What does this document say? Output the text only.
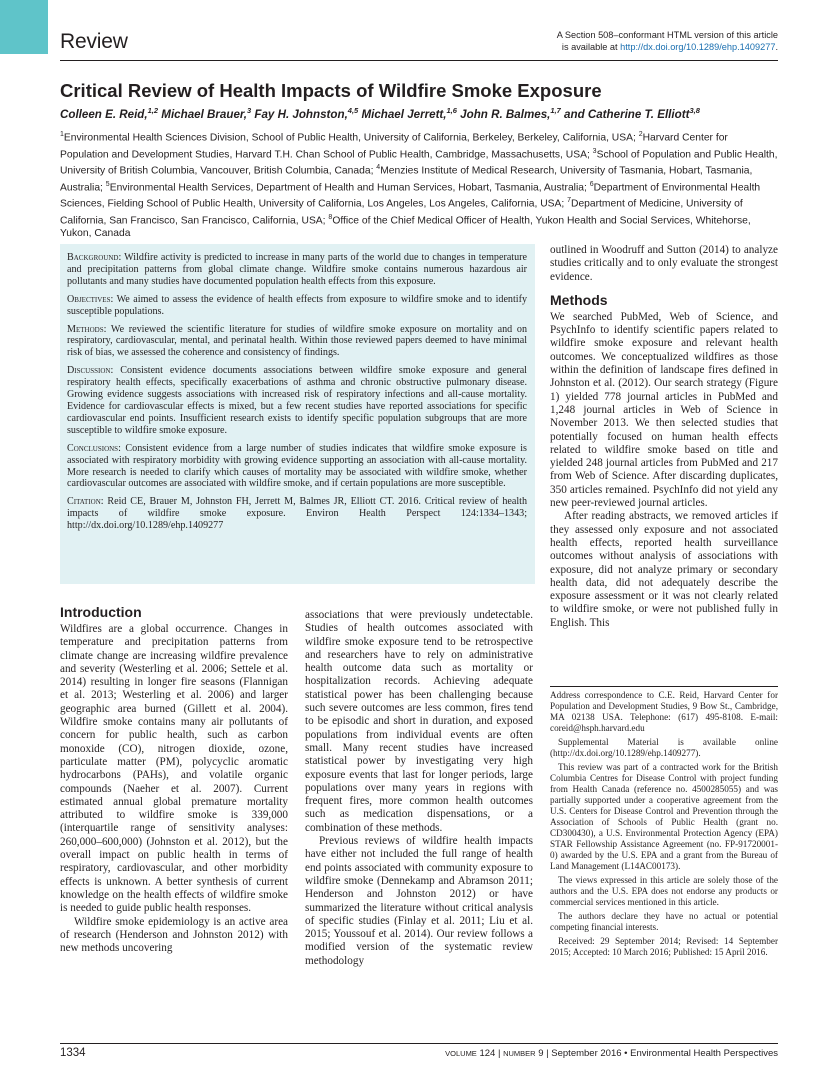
Review	A Section 508–conformant HTML version of this article
is available at http://dx.doi.org/10.1289/ehp.1409277.
Critical Review of Health Impacts of Wildfire Smoke Exposure
Colleen E. Reid,$^{1,2}$ Michael Brauer,$^3$ Fay H. Johnston,$^{4,5}$ Michael Jerrett,$^{1,6}$ John R. Balmes,$^{1,7}$ and Catherine T. Elliott$^{3,8}$
$^1$Environmental Health Sciences Division, School of Public Health, University of California, Berkeley, Berkeley, California, USA; $^2$Harvard Center for Population and Development Studies, Harvard T.H. Chan School of Public Health, Cambridge, Massachusetts, USA; $^3$School of Population and Public Health, University of British Columbia, Vancouver, British Columbia, Canada; $^4$Menzies Institute of Medical Research, University of Tasmania, Hobart, Tasmania, Australia; $^5$Environmental Health Services, Department of Health and Human Services, Hobart, Tasmania, Australia; $^6$Department of Environmental Health Sciences, Fielding School of Public Health, University of California, Los Angeles, Los Angeles, California, USA; $^7$Department of Medicine, University of California, San Francisco, San Francisco, California, USA; $^8$Office of the Chief Medical Officer of Health, Yukon Health and Social Services, Whitehorse, Yukon, Canada

Background: Wildfire activity is predicted to increase in many parts of the world due to changes in temperature and precipitation patterns from global climate change. Wildfire smoke contains numerous hazardous air pollutants and many studies have documented population health effects from this exposure.

Objectives: We aimed to assess the evidence of health effects from exposure to wildfire smoke and to identify susceptible populations.

Methods: We reviewed the scientific literature for studies of wildfire smoke exposure on mortality and on respiratory, cardiovascular, mental, and perinatal health. Within those reviewed papers deemed to have minimal risk of bias, we assessed the coherence and consistency of findings.

Discussion: Consistent evidence documents associations between wildfire smoke exposure and general respiratory health effects, specifically exacerbations of asthma and chronic obstructive pulmonary disease. Growing evidence suggests associations with increased risk of respiratory infections and all-cause mortality. Evidence for cardiovascular effects is mixed, but a few recent studies have reported associations for specific cardiovascular end points. Insufficient research exists to identify specific population subgroups that are more susceptible to wildfire smoke exposure.

Conclusions: Consistent evidence from a large number of studies indicates that wildfire smoke exposure is associated with respiratory morbidity with growing evidence supporting an association with all-cause mortality. More research is needed to clarify which causes of mortality may be associated with wildfire smoke, whether cardiovascular outcomes are associated with wildfire smoke, and if certain populations are more susceptible.

Citation: Reid CE, Brauer M, Johnston FH, Jerrett M, Balmes JR, Elliott CT. 2016. Critical review of health impacts of wildfire smoke exposure. Environ Health Perspect 124:1334–1343; http://dx.doi.org/10.1289/ehp.1409277

Introduction

Wildfires are a global occurrence. Changes in temperature and precipitation patterns from climate change are increasing wildfire prevalence and severity (Westerling et al. 2006; Settele et al. 2014) resulting in longer fire seasons (Flannigan et al. 2013; Westerling et al. 2006) and larger geographic area burned (Gillett et al. 2004). Wildfire smoke contains many air pollutants of concern for public health, such as carbon monoxide (CO), nitrogen dioxide, ozone, particulate matter (PM), polycyclic aromatic hydrocarbons (PAHs), and volatile organic compounds (Naeher et al. 2007). Current estimated annual global premature mortality attributed to wildfire smoke is 339,000 (interquartile range of sensitivity analyses: 260,000–600,000) (Johnston et al. 2012), but the overall impact on public health in terms of respiratory, cardiovascular, and other morbidity effects is unknown. A better synthesis of current knowledge on the health effects of wildfire smoke is needed to guide public health responses.

Wildfire smoke epidemiology is an active area of research (Henderson and Johnston 2012) with new methods uncovering

associations that were previously undetectable. Studies of health outcomes associated with wildfire smoke exposure tend to be retrospective and researchers have to rely on administrative health outcome data such as mortality or hospitalization records. Achieving adequate statistical power has been challenging because such severe outcomes are less common, fires tend to be episodic and short in duration, and exposed populations from individual events are often small. Many recent studies have increased statistical power by investigating very high exposure events that last for longer periods, large populations over many years in regions with frequent fires, more common health outcomes such as medication dispensations, or a combination of these methods.

Previous reviews of wildfire health impacts have either not included the full range of health end points associated with community exposure to wildfire smoke (Dennekamp and Abramson 2011; Henderson and Johnston 2012) or have summarized the literature without critical analysis of specific studies (Finlay et al. 2011; Liu et al. 2015; Youssouf et al. 2014). Our review follows a modified version of the systematic review methodology

outlined in Woodruff and Sutton (2014) to analyze studies critically and to only evaluate the strongest evidence.

Methods

We searched PubMed, Web of Science, and PsychInfo to identify scientific papers related to wildfire smoke exposure and relevant health outcomes. We conceptualized wildfires as those within the definition of landscape fires defined in Johnston et al. (2012). Our search strategy (Figure 1) yielded 778 journal articles in PubMed and 1,248 journal articles in Web of Science in November 2013. We then selected studies that potentially focused on human health effects related to wildfire smoke based on title and yielded 248 journal articles from PubMed and 217 from Web of Science. After discarding duplicates, 350 articles remained. PsychInfo did not yield any new peer-reviewed journal articles.

After reading abstracts, we removed articles if they assessed only exposure and not associated health effects, reported health surveillance outcomes without analysis of associations with exposure, did not analyze primary or secondary health data, did not adequately describe the exposure assessment or it was not clearly related to wildfire smoke, or were not published fully in English. This

Address correspondence to C.E. Reid, Harvard Center for Population and Development Studies, 9 Bow St., Cambridge, MA 02138 USA. Telephone: (617) 495-8108. E-mail: coreid@hsph.harvard.edu

Supplemental Material is available online (http://dx.doi.org/10.1289/ehp.1409277).

This review was part of a contracted work for the British Columbia Centres for Disease Control with project funding from Health Canada (reference no. 4500285055) and was partially supported under a cooperative agreement from the U.S. Centers for Disease Control and Prevention through the Association of Schools of Public Health (grant no. CD300430), a U.S. Environmental Protection Agency (EPA) STAR Fellowship Assistance Agreement (no. FP-91720001-0) awarded by the U.S. EPA and a grant from the Bureau of Land Management (L14AC00173).

The views expressed in this article are solely those of the authors and the U.S. EPA does not endorse any products or commercial services mentioned in this article.

The authors declare they have no actual or potential competing financial interests.

Received: 29 September 2014; Revised: 14 September 2015; Accepted: 10 March 2016; Published: 15 April 2016.

1334	VOLUME 124 | NUMBER 9 | September 2016 • Environmental Health Perspectives
